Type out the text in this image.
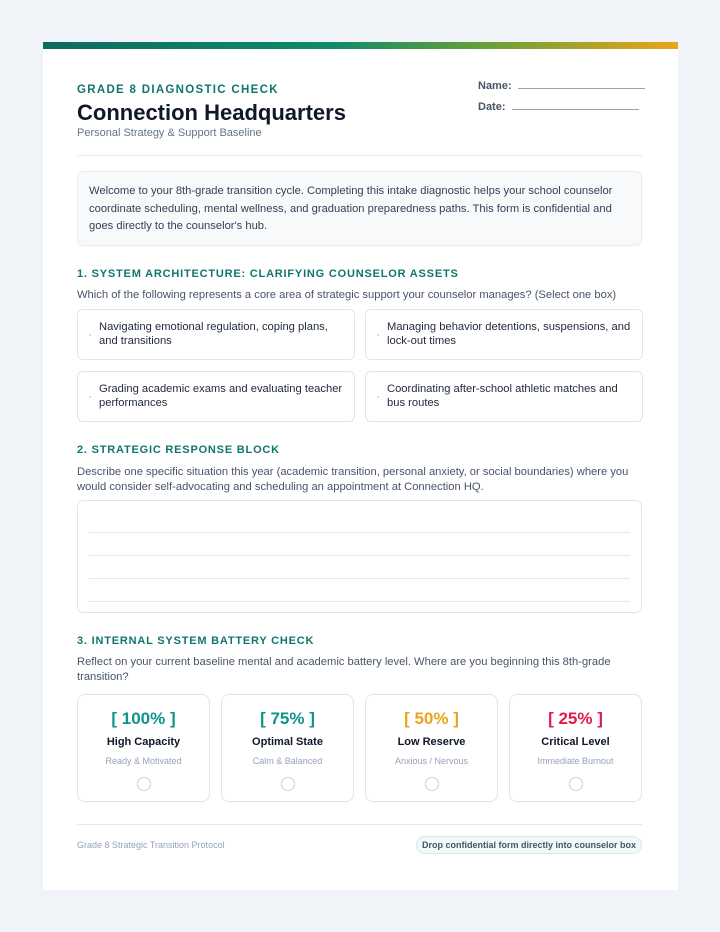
GRADE 8 DIAGNOSTIC CHECK
Connection Headquarters
Personal Strategy & Support Baseline
Name:
Date:
Welcome to your 8th-grade transition cycle. Completing this intake diagnostic helps your school counselor coordinate scheduling, mental wellness, and graduation preparedness paths. This form is confidential and goes directly to the counselor's hub.
1. SYSTEM ARCHITECTURE: CLARIFYING COUNSELOR ASSETS
Which of the following represents a core area of strategic support your counselor manages? (Select one box)
Navigating emotional regulation, coping plans, and transitions
Managing behavior detentions, suspensions, and lock-out times
Grading academic exams and evaluating teacher performances
Coordinating after-school athletic matches and bus routes
2. STRATEGIC RESPONSE BLOCK
Describe one specific situation this year (academic transition, personal anxiety, or social boundaries) where you would consider self-advocating and scheduling an appointment at Connection HQ.
3. INTERNAL SYSTEM BATTERY CHECK
Reflect on your current baseline mental and academic battery level. Where are you beginning this 8th-grade transition?
[ 100% ]
High Capacity
Ready & Motivated
[ 75% ]
Optimal State
Calm & Balanced
[ 50% ]
Low Reserve
Anxious / Nervous
[ 25% ]
Critical Level
Immediate Burnout
Grade 8 Strategic Transition Protocol	Drop confidential form directly into counselor box
